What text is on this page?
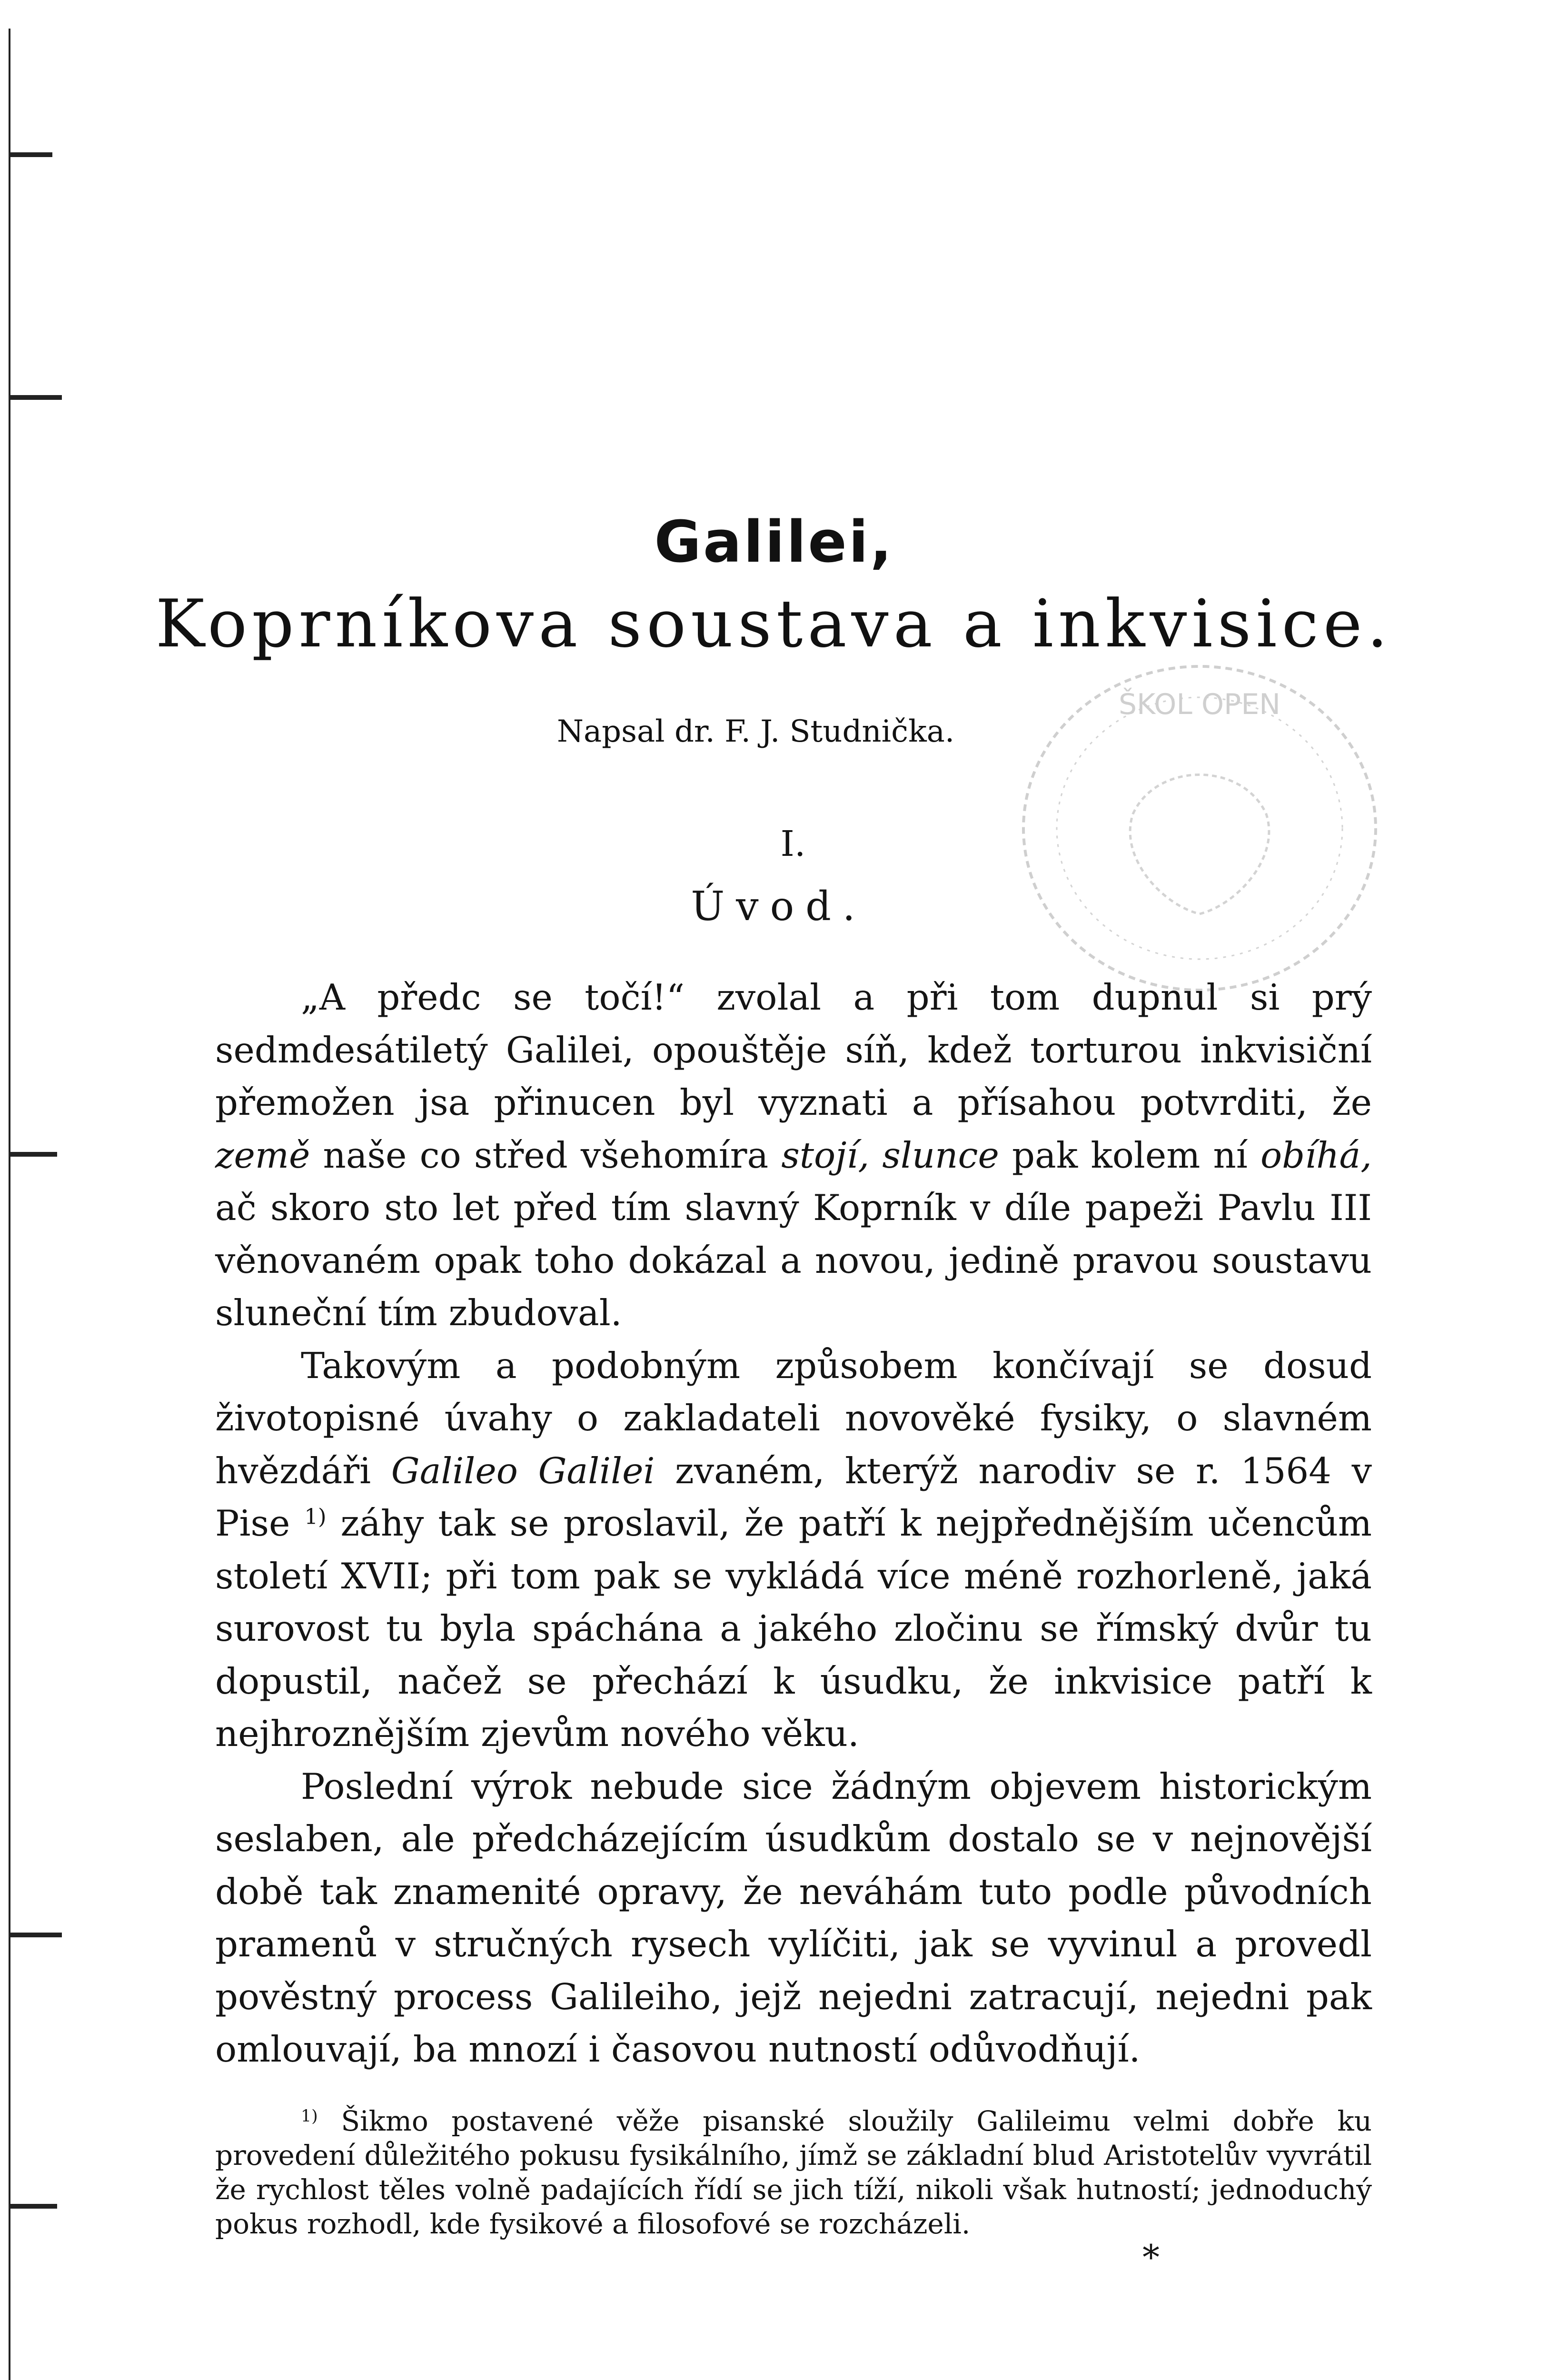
ŠKOL OPEN
Galilei,
Koprníkova soustava a inkvisice.
Napsal dr. F. J. Studnička.
I.
Úvod.

„A předc se točí!“ zvolal a při tom dupnul si prý sedmdesátiletý Galilei, opouštěje síň, kdež torturou inkvisiční přemožen jsa přinucen byl vyznati a přísahou potvrditi, že země naše co střed všehomíra stojí, slunce pak kolem ní obíhá, ač skoro sto let před tím slavný Koprník v díle papeži Pavlu III věnovaném opak toho dokázal a novou, jedině pravou soustavu sluneční tím zbudoval.

Takovým a podobným způsobem končívají se dosud životopisné úvahy o zakladateli novověké fysiky, o slavném hvězdáři Galileo Galilei zvaném, kterýž narodiv se r. 1564 v Pise $^{1)}$ záhy tak se proslavil, že patří k nejpřednějším učencům století XVII; při tom pak se vykládá více méně rozhorleně, jaká surovost tu byla spáchána a jakého zločinu se římský dvůr tu dopustil, načež se přechází k úsudku, že inkvisice patří k nejhroznějším zjevům nového věku.

Poslední výrok nebude sice žádným objevem historickým seslaben, ale předcházejícím úsudkům dostalo se v nejnovější době tak znamenité opravy, že neváhám tuto podle původních pramenů v stručných rysech vylíčiti, jak se vyvinul a provedl pověstný process Galileiho, jejž nejedni zatracují, nejedni pak omlouvají, ba mnozí i časovou nutností odůvodňují.

$^{1)}$ Šikmo postavené věže pisanské sloužily Galileimu velmi dobře ku provedení důležitého pokusu fysikálního, jímž se základní blud Aristotelův vyvrátil že rychlost těles volně padajících řídí se jich tíží, nikoli však hutností; jednoduchý pokus rozhodl, kde fysikové a filosofové se rozcházeli.

*
